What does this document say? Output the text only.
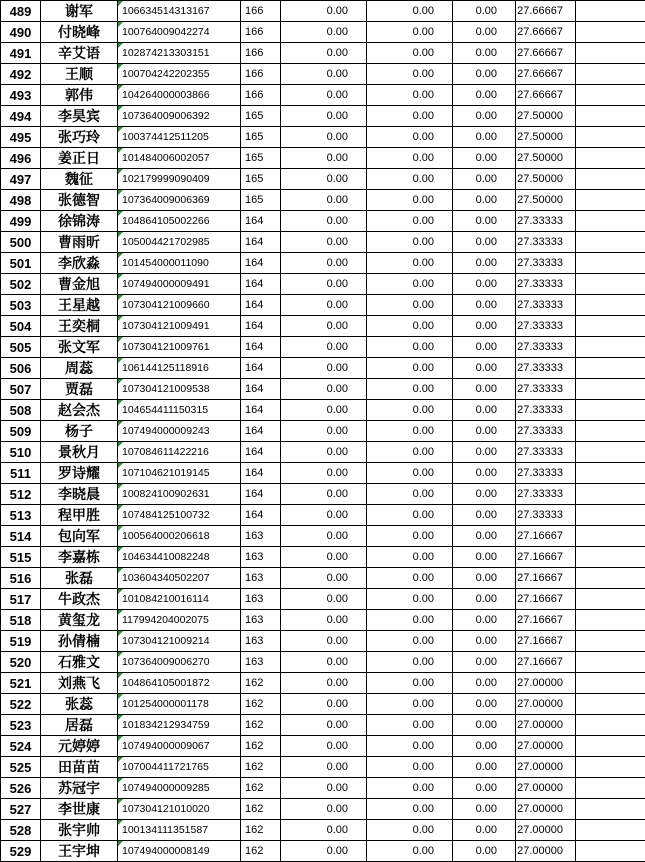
489	谢军	106634514313167	166	0.00	0.00	0.00	27.66667	
490	付晓峰	100764009042274	166	0.00	0.00	0.00	27.66667	
491	辛艾语	102874213303151	166	0.00	0.00	0.00	27.66667	
492	王顺	100704242202355	166	0.00	0.00	0.00	27.66667	
493	郭伟	104264000003866	166	0.00	0.00	0.00	27.66667	
494	李昊宾	107364009006392	165	0.00	0.00	0.00	27.50000	
495	张巧玲	100374412511205	165	0.00	0.00	0.00	27.50000	
496	姜正日	101484006002057	165	0.00	0.00	0.00	27.50000	
497	魏征	102179999090409	165	0.00	0.00	0.00	27.50000	
498	张德智	107364009006369	165	0.00	0.00	0.00	27.50000	
499	徐锦涛	104864105002266	164	0.00	0.00	0.00	27.33333	
500	曹雨昕	105004421702985	164	0.00	0.00	0.00	27.33333	
501	李欣淼	101454000011090	164	0.00	0.00	0.00	27.33333	
502	曹金旭	107494000009491	164	0.00	0.00	0.00	27.33333	
503	王星越	107304121009660	164	0.00	0.00	0.00	27.33333	
504	王奕桐	107304121009491	164	0.00	0.00	0.00	27.33333	
505	张文军	107304121009761	164	0.00	0.00	0.00	27.33333	
506	周蕊	106144125118916	164	0.00	0.00	0.00	27.33333	
507	贾磊	107304121009538	164	0.00	0.00	0.00	27.33333	
508	赵会杰	104654411150315	164	0.00	0.00	0.00	27.33333	
509	杨子	107494000009243	164	0.00	0.00	0.00	27.33333	
510	景秋月	107084611422216	164	0.00	0.00	0.00	27.33333	
511	罗诗耀	107104621019145	164	0.00	0.00	0.00	27.33333	
512	李晓晨	100824100902631	164	0.00	0.00	0.00	27.33333	
513	程甲胜	107484125100732	164	0.00	0.00	0.00	27.33333	
514	包向军	100564000206618	163	0.00	0.00	0.00	27.16667	
515	李嘉栋	104634410082248	163	0.00	0.00	0.00	27.16667	
516	张磊	103604340502207	163	0.00	0.00	0.00	27.16667	
517	牛政杰	101084210016114	163	0.00	0.00	0.00	27.16667	
518	黄玺龙	117994204002075	163	0.00	0.00	0.00	27.16667	
519	孙倩楠	107304121009214	163	0.00	0.00	0.00	27.16667	
520	石雅文	107364009006270	163	0.00	0.00	0.00	27.16667	
521	刘燕飞	104864105001872	162	0.00	0.00	0.00	27.00000	
522	张蕊	101254000001178	162	0.00	0.00	0.00	27.00000	
523	居磊	101834212934759	162	0.00	0.00	0.00	27.00000	
524	元婷婷	107494000009067	162	0.00	0.00	0.00	27.00000	
525	田苗苗	107004411721765	162	0.00	0.00	0.00	27.00000	
526	苏冠宇	107494000009285	162	0.00	0.00	0.00	27.00000	
527	李世康	107304121010020	162	0.00	0.00	0.00	27.00000	
528	张宇帅	100134111351587	162	0.00	0.00	0.00	27.00000	
529	王宇坤	107494000008149	162	0.00	0.00	0.00	27.00000	
